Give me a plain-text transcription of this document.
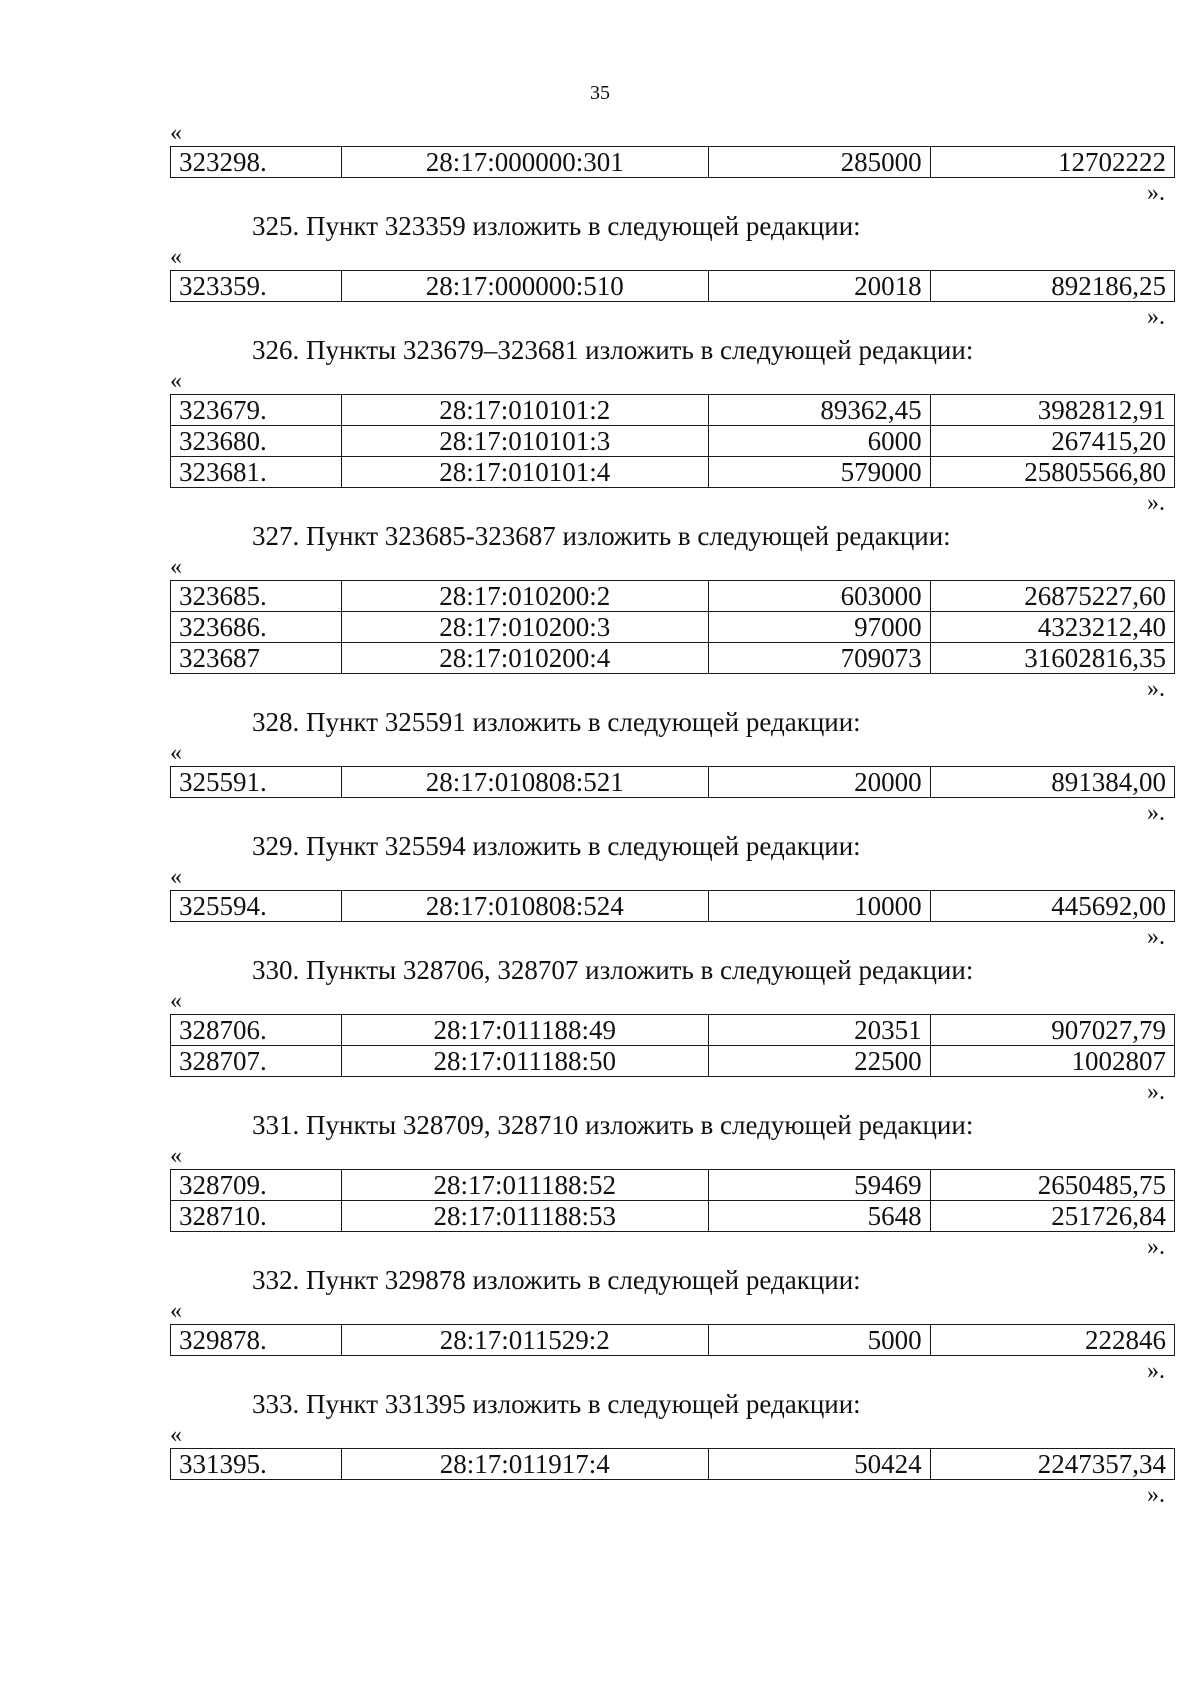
35
«
323298.	28:17:000000:301	285000	12702222
».
325. Пункт 323359 изложить в следующей редакции:
«
323359.	28:17:000000:510	20018	892186,25
».
326. Пункты 323679–323681 изложить в следующей редакции:
«
323679.	28:17:010101:2	89362,45	3982812,91
323680.	28:17:010101:3	6000	267415,20
323681.	28:17:010101:4	579000	25805566,80
».
327. Пункт 323685-323687 изложить в следующей редакции:
«
323685.	28:17:010200:2	603000	26875227,60
323686.	28:17:010200:3	97000	4323212,40
323687	28:17:010200:4	709073	31602816,35
».
328. Пункт 325591 изложить в следующей редакции:
«
325591.	28:17:010808:521	20000	891384,00
».
329. Пункт 325594 изложить в следующей редакции:
«
325594.	28:17:010808:524	10000	445692,00
».
330. Пункты 328706, 328707 изложить в следующей редакции:
«
328706.	28:17:011188:49	20351	907027,79
328707.	28:17:011188:50	22500	1002807
».
331. Пункты 328709, 328710 изложить в следующей редакции:
«
328709.	28:17:011188:52	59469	2650485,75
328710.	28:17:011188:53	5648	251726,84
».
332. Пункт 329878 изложить в следующей редакции:
«
329878.	28:17:011529:2	5000	222846
».
333. Пункт 331395 изложить в следующей редакции:
«
331395.	28:17:011917:4	50424	2247357,34
».
